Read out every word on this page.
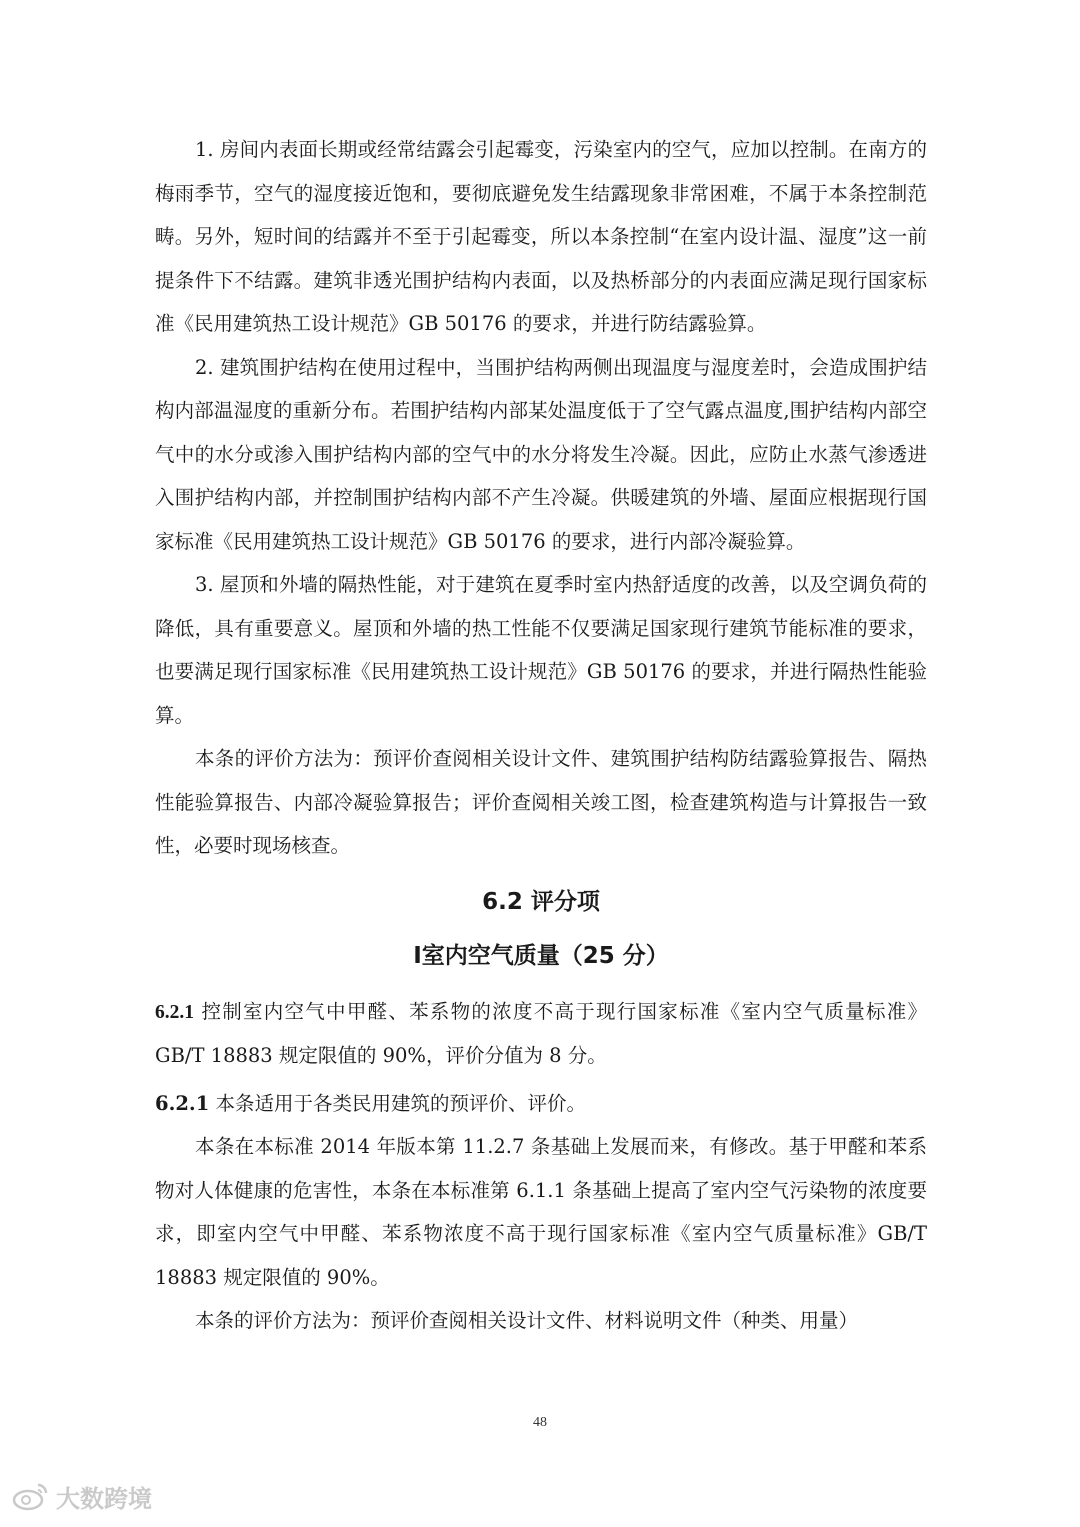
1. 房间内表面长期或经常结露会引起霉变，污染室内的空气，应加以控制。在南方的梅雨季节，空气的湿度接近饱和，要彻底避免发生结露现象非常困难，不属于本条控制范畴。另外，短时间的结露并不至于引起霉变，所以本条控制“在室内设计温、湿度”这一前提条件下不结露。建筑非透光围护结构内表面，以及热桥部分的内表面应满足现行国家标准《民用建筑热工设计规范》GB 50176 的要求，并进行防结露验算。

2. 建筑围护结构在使用过程中，当围护结构两侧出现温度与湿度差时，会造成围护结构内部温湿度的重新分布。若围护结构内部某处温度低于了空气露点温度,围护结构内部空气中的水分或渗入围护结构内部的空气中的水分将发生冷凝。因此，应防止水蒸气渗透进入围护结构内部，并控制围护结构内部不产生冷凝。供暖建筑的外墙、屋面应根据现行国家标准《民用建筑热工设计规范》GB 50176 的要求，进行内部冷凝验算。

3. 屋顶和外墙的隔热性能，对于建筑在夏季时室内热舒适度的改善，以及空调负荷的降低，具有重要意义。屋顶和外墙的热工性能不仅要满足国家现行建筑节能标准的要求，也要满足现行国家标准《民用建筑热工设计规范》GB 50176 的要求，并进行隔热性能验算。

本条的评价方法为：预评价查阅相关设计文件、建筑围护结构防结露验算报告、隔热性能验算报告、内部冷凝验算报告；评价查阅相关竣工图，检查建筑构造与计算报告一致性，必要时现场核查。

6.2 评分项
Ⅰ室内空气质量（25 分）

6.2.1 控制室内空气中甲醛、苯系物的浓度不高于现行国家标准《室内空气质量标准》GB/T 18883 规定限值的 90%，评价分值为 8 分。

6.2.1 本条适用于各类民用建筑的预评价、评价。

本条在本标准 2014 年版本第 11.2.7 条基础上发展而来，有修改。基于甲醛和苯系物对人体健康的危害性，本条在本标准第 6.1.1 条基础上提高了室内空气污染物的浓度要求，即室内空气中甲醛、苯系物浓度不高于现行国家标准《室内空气质量标准》GB/T 18883 规定限值的 90%。

本条的评价方法为：预评价查阅相关设计文件、材料说明文件（种类、用量）

48
大数跨境
